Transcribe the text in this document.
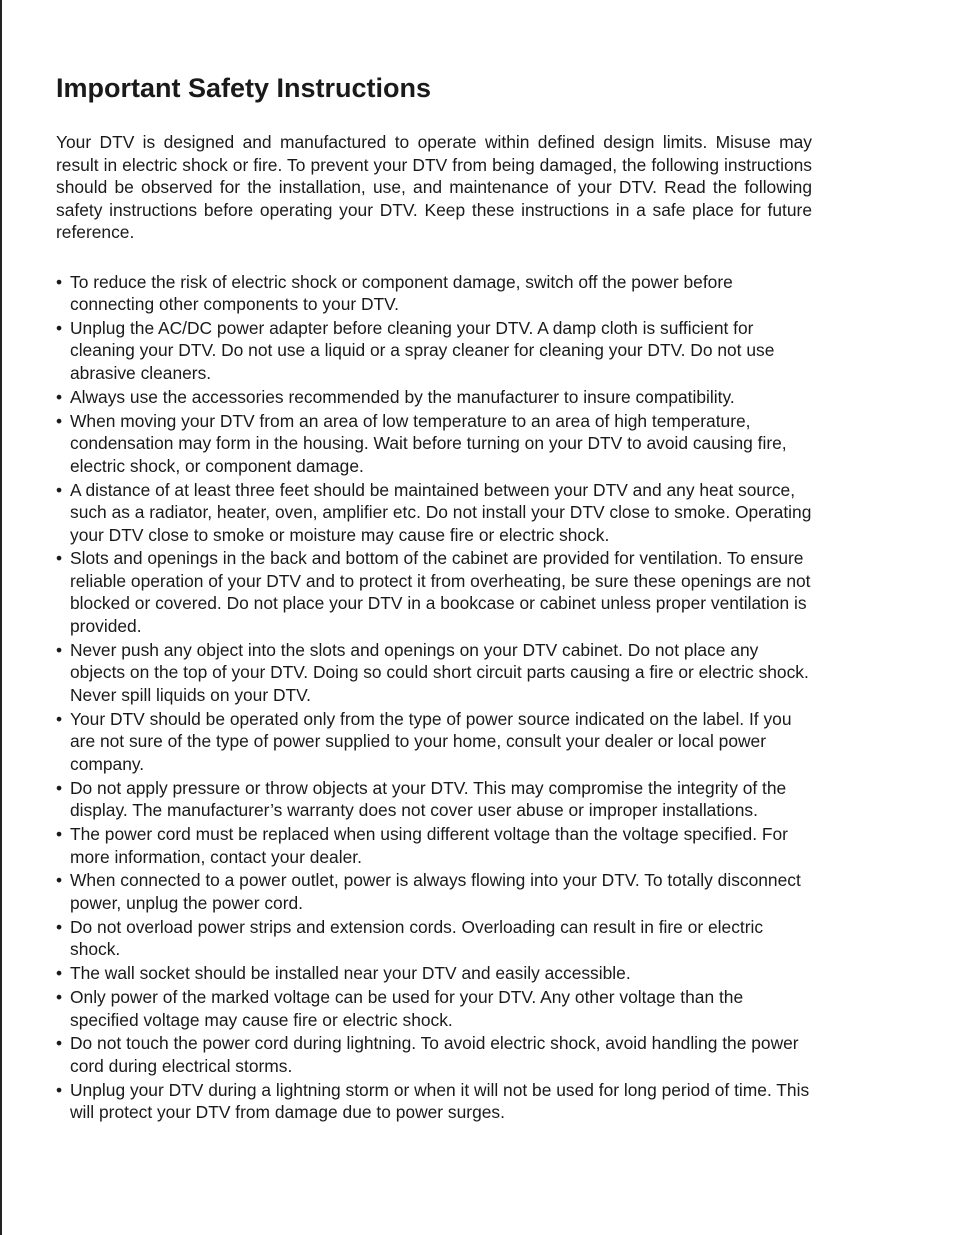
Important Safety Instructions

Your DTV is designed and manufactured to operate within defined design limits. Misuse may result in electric shock or fire. To prevent your DTV from being damaged, the following instructions should be observed for the installation, use, and maintenance of your DTV. Read the following safety instructions before operating your DTV. Keep these instructions in a safe place for future reference.

• To reduce the risk of electric shock or component damage, switch off the power before connecting other components to your DTV.
• Unplug the AC/DC power adapter before cleaning your DTV. A damp cloth is sufficient for cleaning your DTV. Do not use a liquid or a spray cleaner for cleaning your DTV. Do not use abrasive cleaners.
• Always use the accessories recommended by the manufacturer to insure compatibility.
• When moving your DTV from an area of low temperature to an area of high temperature, condensation may form in the housing. Wait before turning on your DTV to avoid causing fire, electric shock, or component damage.
• A distance of at least three feet should be maintained between your DTV and any heat source, such as a radiator, heater, oven, amplifier etc. Do not install your DTV close to smoke. Operating your DTV close to smoke or moisture may cause fire or electric shock.
• Slots and openings in the back and bottom of the cabinet are provided for ventilation. To ensure reliable operation of your DTV and to protect it from overheating, be sure these openings are not blocked or covered. Do not place your DTV in a bookcase or cabinet unless proper ventilation is provided.
• Never push any object into the slots and openings on your DTV cabinet. Do not place any objects on the top of your DTV. Doing so could short circuit parts causing a fire or electric shock. Never spill liquids on your DTV.
• Your DTV should be operated only from the type of power source indicated on the label. If you are not sure of the type of power supplied to your home, consult your dealer or local power company.
• Do not apply pressure or throw objects at your DTV. This may compromise the integrity of the display. The manufacturer’s warranty does not cover user abuse or improper installations.
• The power cord must be replaced when using different voltage than the voltage specified. For more information, contact your dealer.
• When connected to a power outlet, power is always flowing into your DTV. To totally disconnect power, unplug the power cord.
• Do not overload power strips and extension cords. Overloading can result in fire or electric shock.
• The wall socket should be installed near your DTV and easily accessible.
• Only power of the marked voltage can be used for your DTV. Any other voltage than the specified voltage may cause fire or electric shock.
• Do not touch the power cord during lightning. To avoid electric shock, avoid handling the power cord during electrical storms.
• Unplug your DTV during a lightning storm or when it will not be used for long period of time. This will protect your DTV from damage due to power surges.
